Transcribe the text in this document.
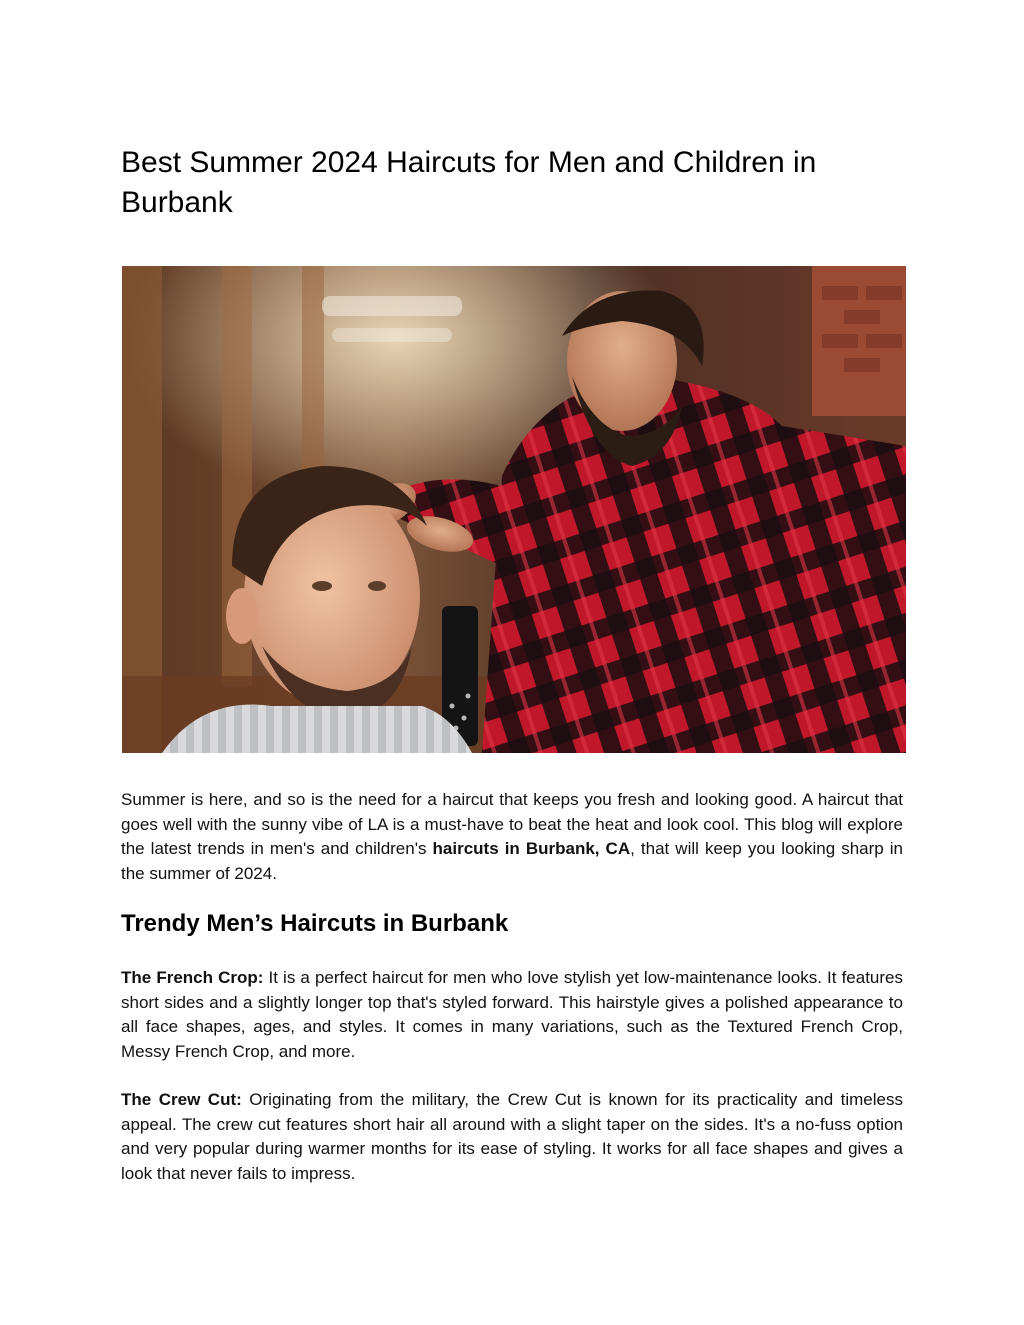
Best Summer 2024 Haircuts for Men and Children in Burbank

Summer is here, and so is the need for a haircut that keeps you fresh and looking good. A haircut that goes well with the sunny vibe of LA is a must-have to beat the heat and look cool. This blog will explore the latest trends in men's and children's haircuts in Burbank, CA, that will keep you looking sharp in the summer of 2024.

Trendy Men’s Haircuts in Burbank

The French Crop: It is a perfect haircut for men who love stylish yet low-maintenance looks. It features short sides and a slightly longer top that's styled forward. This hairstyle gives a polished appearance to all face shapes, ages, and styles. It comes in many variations, such as the Textured French Crop, Messy French Crop, and more.

The Crew Cut: Originating from the military, the Crew Cut is known for its practicality and timeless appeal. The crew cut features short hair all around with a slight taper on the sides. It's a no-fuss option and very popular during warmer months for its ease of styling. It works for all face shapes and gives a look that never fails to impress.
